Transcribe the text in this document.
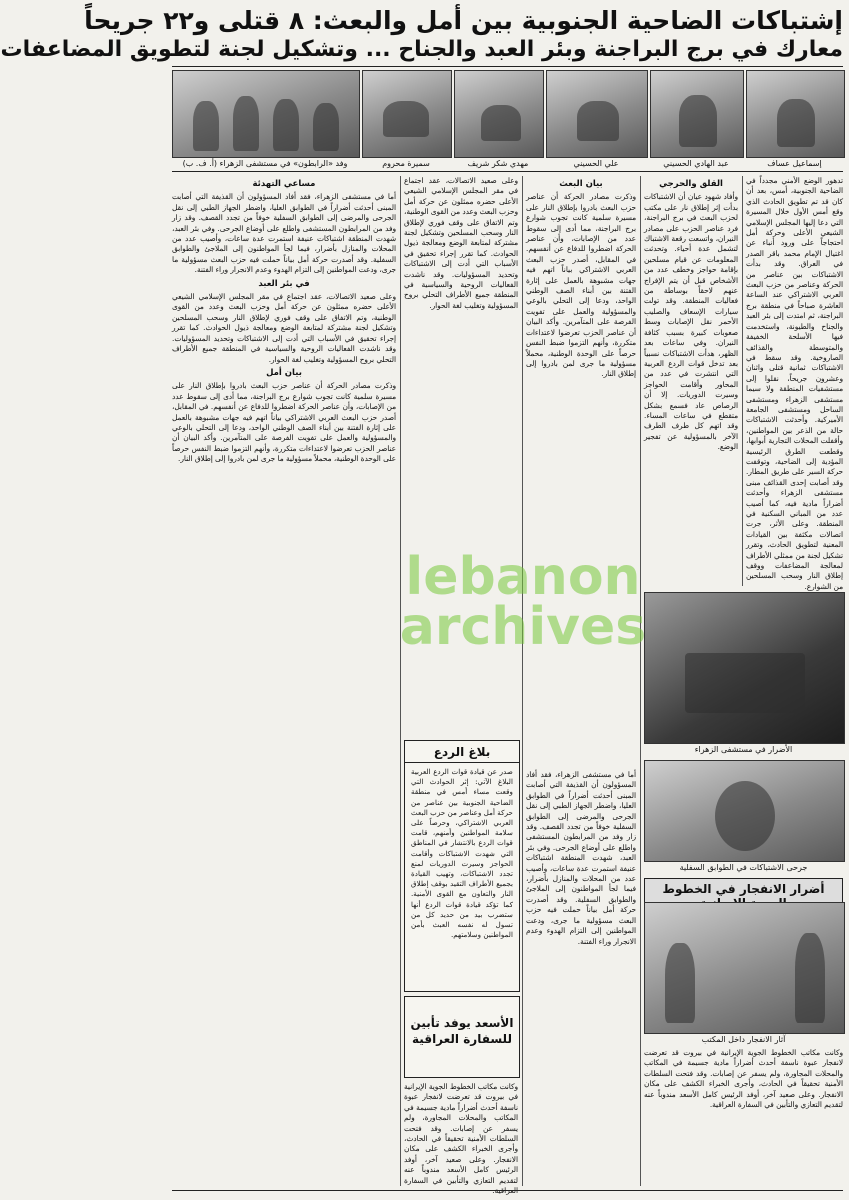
إشتباكات الضاحية الجنوبية بين أمل والبعث: ٨ قتلى و٢٢ جريحاً
معارك في برج البراجنة وبئر العبد والجناح ... وتشكيل لجنة لتطويق المضاعفات
وفد «الرابطون» في مستشفى الزهراء (أ. ف. ب)	سميرة محروم	مهدي شكر شريف	علي الحسيني	عبد الهادي الحسيني	إسماعيل عساف

تدهور الوضع الأمني مجدداً في الضاحية الجنوبية، أمس، بعد أن كان قد تم تطويق الحادث الذي وقع أمس الأول خلال المسيرة التي دعا إليها المجلس الإسلامي الشيعي الأعلى وحركة أمل احتجاجاً على ورود أنباء عن اغتيال الإمام محمد باقر الصدر في العراق. وقد بدأت الاشتباكات بين عناصر من الحركة وعناصر من حزب البعث العربي الاشتراكي عند الساعة العاشرة صباحاً في منطقة برج البراجنة، ثم امتدت إلى بئر العبد والجناح والطيونة، واستخدمت فيها الأسلحة الخفيفة والمتوسطة والقذائف الصاروخية. وقد سقط في الاشتباكات ثمانية قتلى واثنان وعشرون جريحاً، نقلوا إلى مستشفيات المنطقة ولا سيما مستشفى الزهراء ومستشفى الساحل ومستشفى الجامعة الأميركية. وأحدثت الاشتباكات حالة من الذعر بين المواطنين، وأقفلت المحلات التجارية أبوابها، وقطعت الطرق الرئيسية المؤدية إلى الضاحية، وتوقفت حركة السير على طريق المطار. وقد أصابت إحدى القذائف مبنى مستشفى الزهراء وأحدثت أضراراً مادية فيه، كما أصيب عدد من المباني السكنية في المنطقة. وعلى الأثر، جرت اتصالات مكثفة بين القيادات المعنية لتطويق الحادث، وتقرر تشكيل لجنة من ممثلي الأطراف لمعالجة المضاعفات ووقف إطلاق النار وسحب المسلحين من الشوارع.

القلق والحرجي

وأفاد شهود عيان أن الاشتباكات بدأت إثر إطلاق نار على مكتب لحزب البعث في برج البراجنة، فرد عناصر الحزب على مصادر النيران، واتسعت رقعة الاشتباك لتشمل عدة أحياء. وتحدثت المعلومات عن قيام مسلحين بإقامة حواجز وخطف عدد من الأشخاص قبل أن يتم الإفراج عنهم لاحقاً بوساطة من فعاليات المنطقة. وقد تولت سيارات الإسعاف والصليب الأحمر نقل الإصابات وسط صعوبات كبيرة بسبب كثافة النيران. وفي ساعات بعد الظهر، هدأت الاشتباكات نسبياً بعد تدخل قوات الردع العربية التي انتشرت في عدد من المحاور وأقامت الحواجز وسيرت الدوريات. إلا أن الرصاص عاد فسمع بشكل متقطع في ساعات المساء. وقد اتهم كل طرف الطرف الآخر بالمسؤولية عن تفجير الوضع.

بيان البعث

وذكرت مصادر الحركة أن عناصر حزب البعث بادروا بإطلاق النار على مسيرة سلمية كانت تجوب شوارع برج البراجنة، مما أدى إلى سقوط عدد من الإصابات، وأن عناصر الحركة اضطروا للدفاع عن أنفسهم. في المقابل، أصدر حزب البعث العربي الاشتراكي بياناً اتهم فيه جهات مشبوهة بالعمل على إثارة الفتنة بين أبناء الصف الوطني الواحد، ودعا إلى التحلي بالوعي والمسؤولية والعمل على تفويت الفرصة على المتآمرين. وأكد البيان أن عناصر الحزب تعرضوا لاعتداءات متكررة، وأنهم التزموا ضبط النفس حرصاً على الوحدة الوطنية، محملاً مسؤولية ما جرى لمن بادروا إلى إطلاق النار.

وعلى صعيد الاتصالات، عقد اجتماع في مقر المجلس الإسلامي الشيعي الأعلى حضره ممثلون عن حركة أمل وحزب البعث وعدد من القوى الوطنية، وتم الاتفاق على وقف فوري لإطلاق النار وسحب المسلحين وتشكيل لجنة مشتركة لمتابعة الوضع ومعالجة ذيول الحوادث. كما تقرر إجراء تحقيق في الأسباب التي أدت إلى الاشتباكات وتحديد المسؤوليات. وقد ناشدت الفعاليات الروحية والسياسية في المنطقة جميع الأطراف التحلي بروح المسؤولية وتغليب لغة الحوار.

مساعي التهدئة

أما في مستشفى الزهراء، فقد أفاد المسؤولون أن القذيفة التي أصابت المبنى أحدثت أضراراً في الطوابق العليا، واضطر الجهاز الطبي إلى نقل الجرحى والمرضى إلى الطوابق السفلية خوفاً من تجدد القصف. وقد زار وفد من المرابطون المستشفى واطلع على أوضاع الجرحى. وفي بئر العبد، شهدت المنطقة اشتباكات عنيفة استمرت عدة ساعات، وأصيب عدد من المحلات والمنازل بأضرار، فيما لجأ المواطنون إلى الملاجئ والطوابق السفلية. وقد أصدرت حركة أمل بياناً حملت فيه حزب البعث مسؤولية ما جرى، ودعت المواطنين إلى التزام الهدوء وعدم الانجرار وراء الفتنة.

في بئر العبد

وعلى صعيد الاتصالات، عقد اجتماع في مقر المجلس الإسلامي الشيعي الأعلى حضره ممثلون عن حركة أمل وحزب البعث وعدد من القوى الوطنية، وتم الاتفاق على وقف فوري لإطلاق النار وسحب المسلحين وتشكيل لجنة مشتركة لمتابعة الوضع ومعالجة ذيول الحوادث. كما تقرر إجراء تحقيق في الأسباب التي أدت إلى الاشتباكات وتحديد المسؤوليات. وقد ناشدت الفعاليات الروحية والسياسية في المنطقة جميع الأطراف التحلي بروح المسؤولية وتغليب لغة الحوار.

بيان أمل

وذكرت مصادر الحركة أن عناصر حزب البعث بادروا بإطلاق النار على مسيرة سلمية كانت تجوب شوارع برج البراجنة، مما أدى إلى سقوط عدد من الإصابات، وأن عناصر الحركة اضطروا للدفاع عن أنفسهم. في المقابل، أصدر حزب البعث العربي الاشتراكي بياناً اتهم فيه جهات مشبوهة بالعمل على إثارة الفتنة بين أبناء الصف الوطني الواحد، ودعا إلى التحلي بالوعي والمسؤولية والعمل على تفويت الفرصة على المتآمرين. وأكد البيان أن عناصر الحزب تعرضوا لاعتداءات متكررة، وأنهم التزموا ضبط النفس حرصاً على الوحدة الوطنية، محملاً مسؤولية ما جرى لمن بادروا إلى إطلاق النار.

الأضرار في مستشفى الزهراء
جرحى الاشتباكات في الطوابق السفلية
أضرار الانفجار في الخطوط
آثار الانفجار داخل المكتب

وكانت مكاتب الخطوط الجوية الإيرانية في بيروت قد تعرضت لانفجار عبوة ناسفة أحدث أضراراً مادية جسيمة في المكاتب والمحلات المجاورة، ولم يسفر عن إصابات. وقد فتحت السلطات الأمنية تحقيقاً في الحادث، وأجرى الخبراء الكشف على مكان الانفجار. وعلى صعيد آخر، أوفد الرئيس كامل الأسعد مندوباً عنه لتقديم التعازي والتأبين في السفارة العراقية.

أما في مستشفى الزهراء، فقد أفاد المسؤولون أن القذيفة التي أصابت المبنى أحدثت أضراراً في الطوابق العليا، واضطر الجهاز الطبي إلى نقل الجرحى والمرضى إلى الطوابق السفلية خوفاً من تجدد القصف. وقد زار وفد من المرابطون المستشفى واطلع على أوضاع الجرحى. وفي بئر العبد، شهدت المنطقة اشتباكات عنيفة استمرت عدة ساعات، وأصيب عدد من المحلات والمنازل بأضرار، فيما لجأ المواطنون إلى الملاجئ والطوابق السفلية. وقد أصدرت حركة أمل بياناً حملت فيه حزب البعث مسؤولية ما جرى، ودعت المواطنين إلى التزام الهدوء وعدم الانجرار وراء الفتنة.

بلاغ الردع
صدر عن قيادة قوات الردع العربية البلاغ الآتي: إثر الحوادث التي وقعت مساء أمس في منطقة الضاحية الجنوبية بين عناصر من حركة أمل وعناصر من حزب البعث العربي الاشتراكي، وحرصاً على سلامة المواطنين وأمنهم، قامت قوات الردع بالانتشار في المناطق التي شهدت الاشتباكات وأقامت الحواجز وسيرت الدوريات لمنع تجدد الاشتباكات، وتهيب القيادة بجميع الأطراف التقيد بوقف إطلاق النار والتعاون مع القوى الأمنية. كما تؤكد قيادة قوات الردع أنها ستضرب بيد من حديد كل من تسول له نفسه العبث بأمن المواطنين وسلامتهم.
الأسعد يوفد تأبين للسفارة العراقية

وكانت مكاتب الخطوط الجوية الإيرانية في بيروت قد تعرضت لانفجار عبوة ناسفة أحدث أضراراً مادية جسيمة في المكاتب والمحلات المجاورة، ولم يسفر عن إصابات. وقد فتحت السلطات الأمنية تحقيقاً في الحادث، وأجرى الخبراء الكشف على مكان الانفجار. وعلى صعيد آخر، أوفد الرئيس كامل الأسعد مندوباً عنه لتقديم التعازي والتأبين في السفارة

lebanon
archives
